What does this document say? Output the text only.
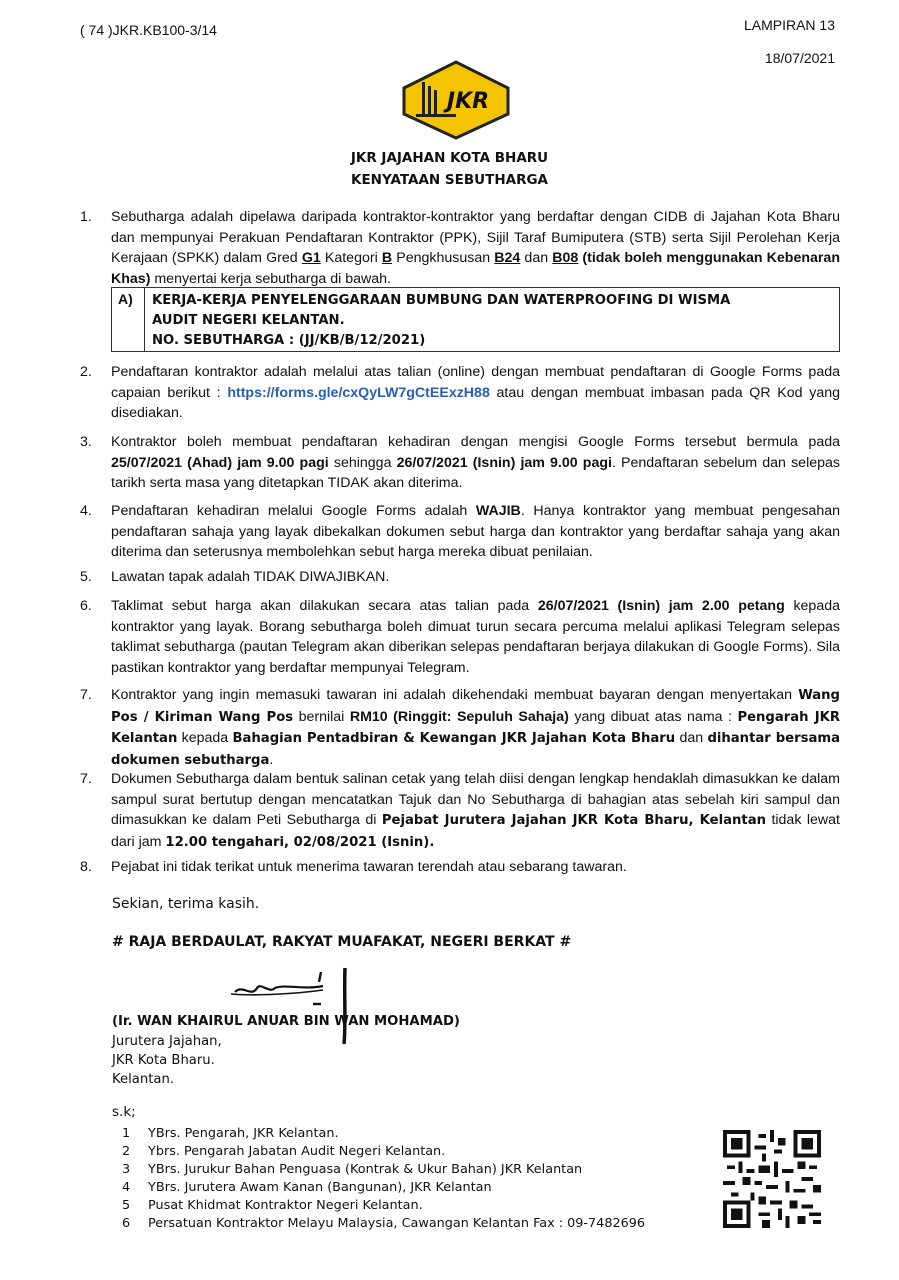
( 74 )JKR.KB100-3/14	LAMPIRAN 13
18/07/2021
JKR
JKR JAJAHAN KOTA BHARU
KENYATAAN SEBUTHARGA
1.	Sebutharga adalah dipelawa daripada kontraktor-kontraktor yang berdaftar dengan CIDB di Jajahan Kota Bharu dan mempunyai Perakuan Pendaftaran Kontraktor (PPK), Sijil Taraf Bumiputera (STB) serta Sijil Perolehan Kerja Kerajaan (SPKK) dalam Gred G1 Kategori B Pengkhususan B24 dan B08 (tidak boleh menggunakan Kebenaran Khas) menyertai kerja sebutharga di bawah.
A)	KERJA-KERJA PENYELENGGARAAN BUMBUNG DAN WATERPROOFING DI WISMA
AUDIT NEGERI KELANTAN.
NO. SEBUTHARGA : (JJ/KB/B/12/2021)
2.	Pendaftaran kontraktor adalah melalui atas talian (online) dengan membuat pendaftaran di Google Forms pada capaian berikut : https://forms.gle/cxQyLW7gCtEExzH88 atau dengan membuat imbasan pada QR Kod yang disediakan.
3.	Kontraktor boleh membuat pendaftaran kehadiran dengan mengisi Google Forms tersebut bermula pada 25/07/2021 (Ahad) jam 9.00 pagi sehingga 26/07/2021 (Isnin) jam 9.00 pagi. Pendaftaran sebelum dan selepas tarikh serta masa yang ditetapkan TIDAK akan diterima.
4.	Pendaftaran kehadiran melalui Google Forms adalah WAJIB. Hanya kontraktor yang membuat pengesahan pendaftaran sahaja yang layak dibekalkan dokumen sebut harga dan kontraktor yang berdaftar sahaja yang akan diterima dan seterusnya membolehkan sebut harga mereka dibuat penilaian.
5.	Lawatan tapak adalah TIDAK DIWAJIBKAN.
6.	Taklimat sebut harga akan dilakukan secara atas talian pada 26/07/2021 (Isnin) jam 2.00 petang kepada kontraktor yang layak. Borang sebutharga boleh dimuat turun secara percuma melalui aplikasi Telegram selepas taklimat sebutharga (pautan Telegram akan diberikan selepas pendaftaran berjaya dilakukan di Google Forms). Sila pastikan kontraktor yang berdaftar mempunyai Telegram.
7.	Kontraktor yang ingin memasuki tawaran ini adalah dikehendaki membuat bayaran dengan menyertakan Wang Pos / Kiriman Wang Pos bernilai RM10 (Ringgit: Sepuluh Sahaja) yang dibuat atas nama : Pengarah JKR Kelantan kepada Bahagian Pentadbiran & Kewangan JKR Jajahan Kota Bharu dan dihantar bersama dokumen sebutharga.
7.	Dokumen Sebutharga dalam bentuk salinan cetak yang telah diisi dengan lengkap hendaklah dimasukkan ke dalam sampul surat bertutup dengan mencatatkan Tajuk dan No Sebutharga di bahagian atas sebelah kiri sampul dan dimasukkan ke dalam Peti Sebutharga di Pejabat Jurutera Jajahan JKR Kota Bharu, Kelantan tidak lewat dari jam 12.00 tengahari, 02/08/2021 (Isnin).
8.	Pejabat ini tidak terikat untuk menerima tawaran terendah atau sebarang tawaran.
Sekian, terima kasih.
# RAJA BERDAULAT, RAKYAT MUAFAKAT, NEGERI BERKAT #
(Ir. WAN KHAIRUL ANUAR BIN WAN MOHAMAD)
Jurutera Jajahan,
JKR Kota Bharu.
Kelantan.
s.k;
1 YBrs. Pengarah, JKR Kelantan.
2 Ybrs. Pengarah Jabatan Audit Negeri Kelantan.
3 YBrs. Jurukur Bahan Penguasa (Kontrak & Ukur Bahan) JKR Kelantan
4 YBrs. Jurutera Awam Kanan (Bangunan), JKR Kelantan
5 Pusat Khidmat Kontraktor Negeri Kelantan.
6 Persatuan Kontraktor Melayu Malaysia, Cawangan Kelantan Fax : 09-7482696
